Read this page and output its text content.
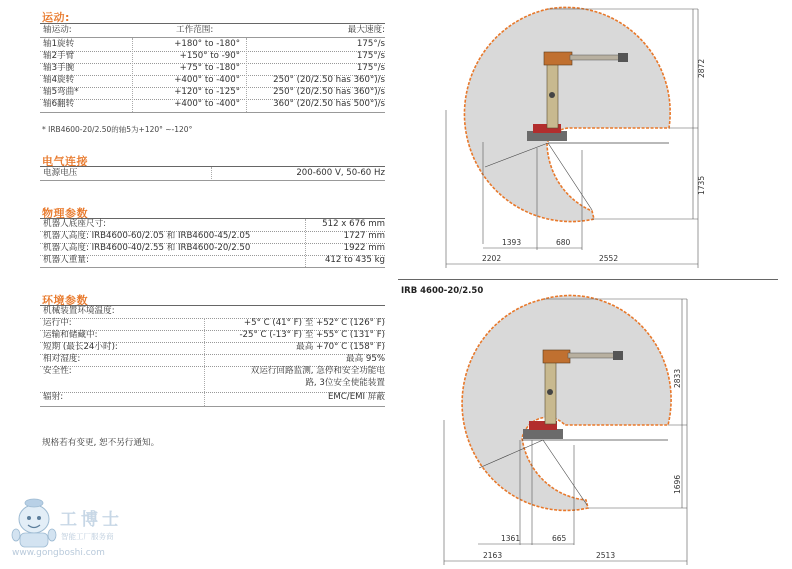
运动:
轴运动:	工作范围:	最大速度:
轴1旋转	+180° to -180°	175°/s
轴2手臂	+150° to -90°	175°/s
轴3手腕	+75° to -180°	175°/s
轴4旋转	+400° to -400°	250° (20/2.50 has 360°)/s
轴5弯曲*	+120° to -125°	250° (20/2.50 has 360°)/s
轴6翻转	+400° to -400°	360° (20/2.50 has 500°)/s
* IRB4600-20/2.50的轴5为+120° ~-120°
电气连接
电源电压	200-600 V, 50-60 Hz
物理参数
机器人底座尺寸:	512 x 676 mm
机器人高度: IRB4600-60/2.05 和 IRB4600-45/2.05	1727 mm
机器人高度: IRB4600-40/2.55 和 IRB4600-20/2.50	1922 mm
机器人重量:	412 to 435 kg
环境参数
机械装置环境温度:
运行中:	+5° C (41° F) 至 +52° C (126° F)
运输和储藏中:	-25° C (-13° F) 至 +55° C (131° F)
短期 (最长24小时):	最高 +70° C (158° F)
相对湿度:	最高 95%
安全性:	双运行回路监测, 急停和安全功能电
路, 3位安全使能装置
辐射:	EMC/EMI 屏蔽
规格若有变更, 恕不另行通知。
工博士
智能工厂服务商
www.gongboshi.com
2872
1735
1393	680
2202	2552
2833
1696
1361	665
2163	2513
IRB 4600-20/2.50
